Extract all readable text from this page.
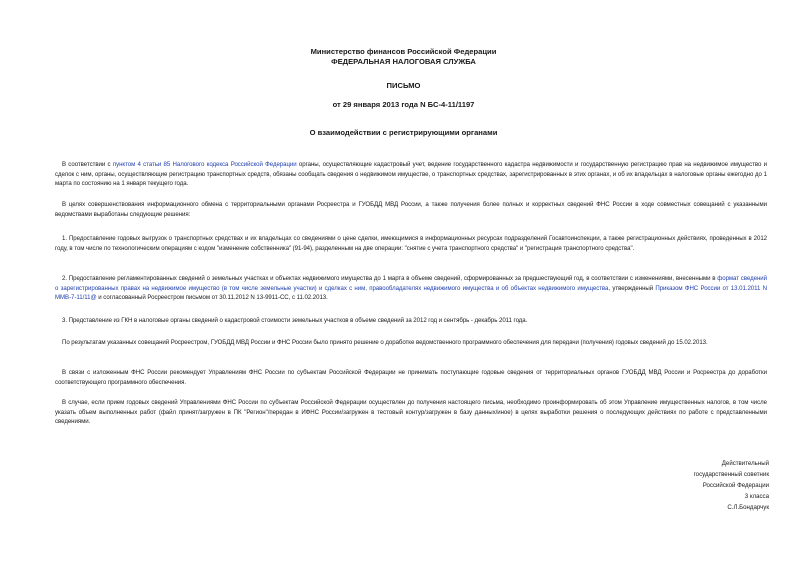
Министерство финансов Российской Федерации
ФЕДЕРАЛЬНАЯ НАЛОГОВАЯ СЛУЖБА
ПИСЬМО
от 29 января 2013 года N БС-4-11/1197
О взаимодействии с регистрирующими органами
В соответствии с пунктом 4 статьи 85 Налогового кодекса Российской Федерации органы, осуществляющие кадастровый учет, ведение государственного кадастра недвижимости и государственную регистрацию прав на недвижимое имущество и сделок с ним, органы, осуществляющие регистрацию транспортных средств, обязаны сообщать сведения о недвижимом имуществе, о транспортных средствах, зарегистрированных в этих органах, и об их владельцах в налоговые органы ежегодно до 1 марта по состоянию на 1 января текущего года.
В целях совершенствования информационного обмена с территориальными органами Росреестра и ГУОБДД МВД России, а также получения более полных и корректных сведений ФНС России в ходе совместных совещаний с указанными ведомствами выработаны следующие решения:
1. Предоставление годовых выгрузок о транспортных средствах и их владельцах со сведениями о цене сделки, имеющимися в информационных ресурсах подразделений Госавтоинспекции, а также регистрационных действиях, проведенных в 2012 году, в том числе по технологическим операциям с кодом "изменение собственника" (91-94), разделенным на две операции: "снятие с учета транспортного средства" и "регистрация транспортного средства".
2. Предоставление регламентированных сведений о земельных участках и объектах недвижимого имущества до 1 марта в объеме сведений, сформированных за предшествующий год, в соответствии с изменениями, внесенными в формат сведений о зарегистрированных правах на недвижимое имущество (в том числе земельные участки) и сделках с ним, правообладателях недвижимого имущества и об объектах недвижимого имущества, утвержденный Приказом ФНС России от 13.01.2011 N ММВ-7-11/11@ и согласованный Росреестром письмом от 30.11.2012 N 13-9911-СС, с 11.02.2013.
3. Представление из ГКН в налоговые органы сведений о кадастровой стоимости земельных участков в объеме сведений за 2012 год и сентябрь - декабрь 2011 года.
По результатам указанных совещаний Росреестром, ГУОБДД МВД России и ФНС России было принято решение о доработке ведомственного программного обеспечения для передачи (получения) годовых сведений до 15.02.2013.
В связи с изложенным ФНС России рекомендует Управлениям ФНС России по субъектам Российской Федерации не принимать поступающие годовые сведения от территориальных органов ГУОБДД МВД России и Росреестра до доработки соответствующего программного обеспечения.
В случае, если прием годовых сведений Управлениями ФНС России по субъектам Российской Федерации осуществлен до получения настоящего письма, необходимо проинформировать об этом Управление имущественных налогов, в том числе указать объем выполненных работ (файл принят/загружен в ПК "Регион"/передан в ИФНС России/загружен в тестовый контур/загружен в базу данных/иное) в целях выработки решения о последующих действиях по работе с представленными сведениями.
Действительный
государственный советник
Российской Федерации
3 класса
С.Л.Бондарчук
